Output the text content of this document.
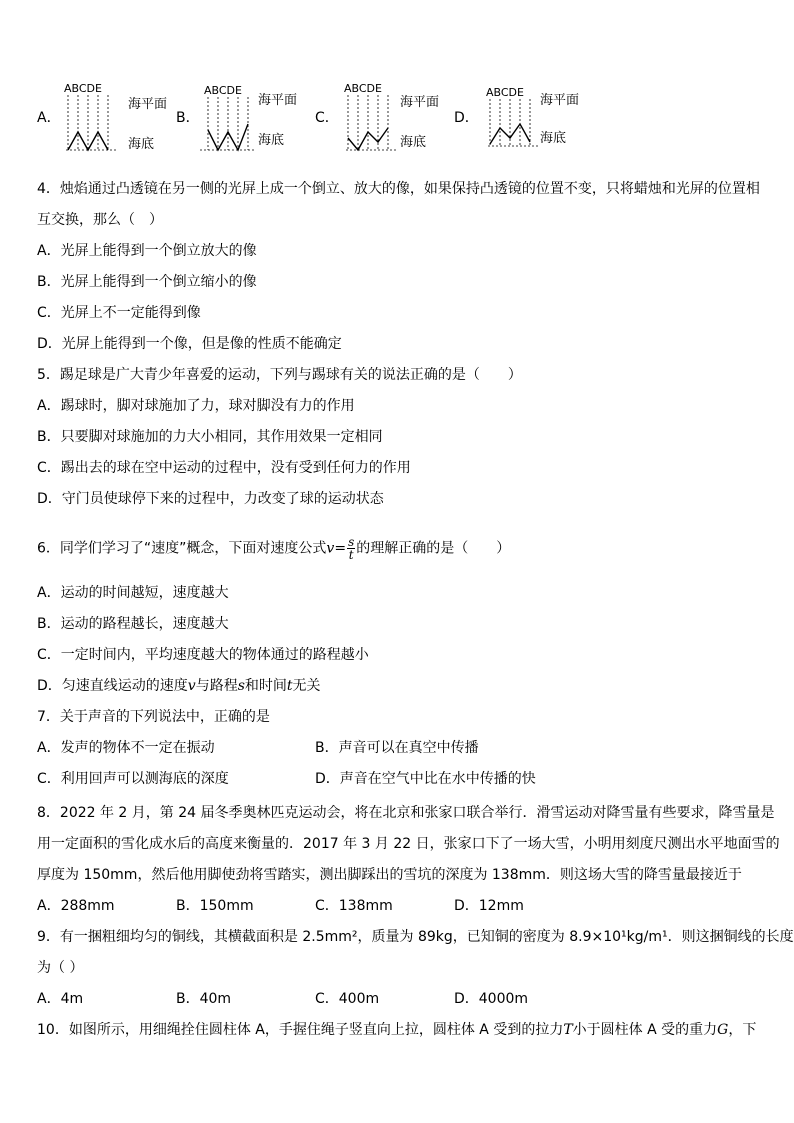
A．	B．	C．	D．
ABCDE
海平面
海底
ABCDE
海平面
海底
ABCDE
海平面
海底
ABCDE
海平面
海底
4．烛焰通过凸透镜在另一侧的光屏上成一个倒立、放大的像，如果保持凸透镜的位置不变，只将蜡烛和光屏的位置相
互交换，那么（　）
A．光屏上能得到一个倒立放大的像
B．光屏上能得到一个倒立缩小的像
C．光屏上不一定能得到像
D．光屏上能得到一个像，但是像的性质不能确定
5．踢足球是广大青少年喜爱的运动，下列与踢球有关的说法正确的是（　　）
A．踢球时，脚对球施加了力，球对脚没有力的作用
B．只要脚对球施加的力大小相同，其作用效果一定相同
C．踢出去的球在空中运动的过程中，没有受到任何力的作用
D．守门员使球停下来的过程中，力改变了球的运动状态
6．同学们学习了“速度”概念，下面对速度公式$v= \frac{s}{t}$ 的理解正确的是（　　）
A．运动的时间越短，速度越大
B．运动的路程越长，速度越大
C．一定时间内，平均速度越大的物体通过的路程越小
D．匀速直线运动的速度v与路程s和时间t无关
7．关于声音的下列说法中，正确的是
A．发声的物体不一定在振动	B．声音可以在真空中传播
C．利用回声可以测海底的深度	D．声音在空气中比在水中传播的快
8．2022 年 2 月，第 24 届冬季奥林匹克运动会，将在北京和张家口联合举行．滑雪运动对降雪量有些要求，降雪量是
用一定面积的雪化成水后的高度来衡量的．2017 年 3 月 22 日，张家口下了一场大雪，小明用刻度尺测出水平地面雪的
厚度为 150mm，然后他用脚使劲将雪踏实，测出脚踩出的雪坑的深度为 138mm．则这场大雪的降雪量最接近于
A．288mm	B．150mm	C．138mm	D．12mm
9．有一捆粗细均匀的铜线，其横截面积是 2.5mm²，质量为 89kg，已知铜的密度为 8.9×10¹kg/m¹．则这捆铜线的长度
为（ ）
A．4m	B．40m	C．400m	D．4000m
10．如图所示，用细绳拴住圆柱体 A，手握住绳子竖直向上拉，圆柱体 A 受到的拉力T小于圆柱体 A 受的重力G，下
